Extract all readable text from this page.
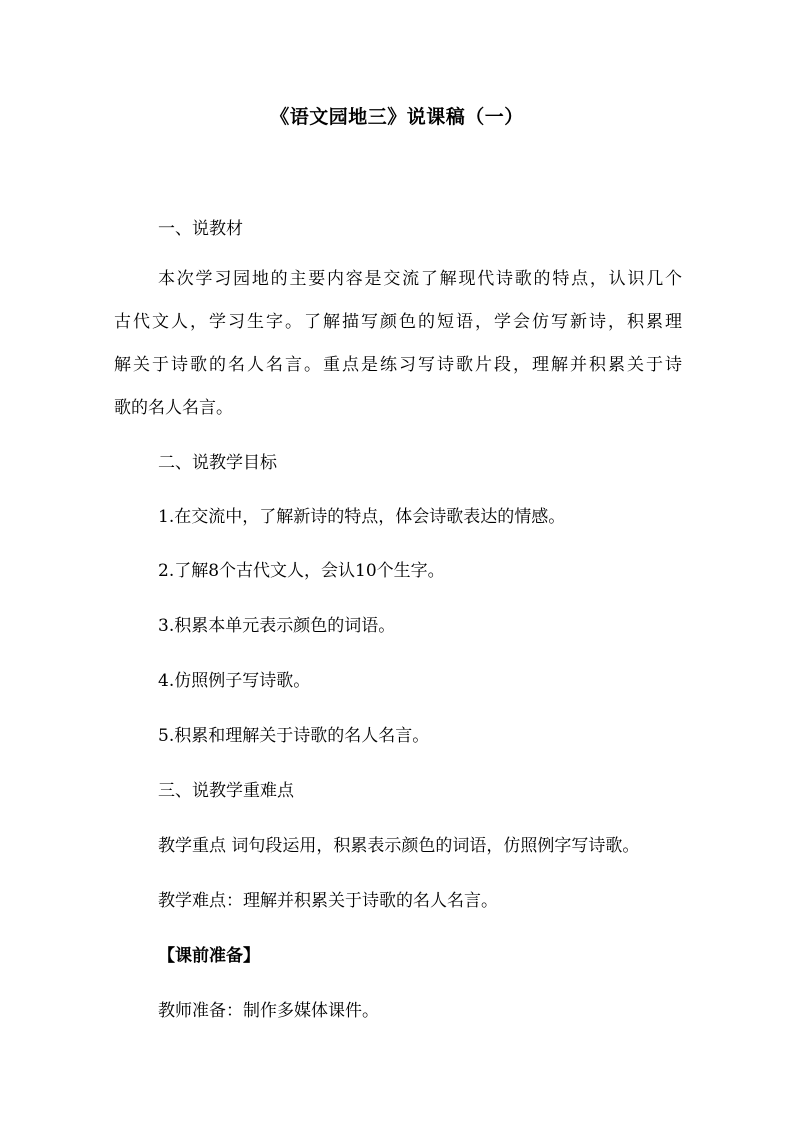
《语文园地三》说课稿（一）
一、说教材
本次学习园地的主要内容是交流了解现代诗歌的特点，认识几个
古代文人，学习生字。了解描写颜色的短语，学会仿写新诗，积累理
解关于诗歌的名人名言。重点是练习写诗歌片段，理解并积累关于诗
歌的名人名言。
二、说教学目标
1.在交流中，了解新诗的特点，体会诗歌表达的情感。
2.了解8个古代文人，会认10个生字。
3.积累本单元表示颜色的词语。
4.仿照例子写诗歌。
5.积累和理解关于诗歌的名人名言。
三、说教学重难点
教学重点 词句段运用，积累表示颜色的词语，仿照例字写诗歌。
教学难点：理解并积累关于诗歌的名人名言。
【课前准备】
教师准备：制作多媒体课件。
